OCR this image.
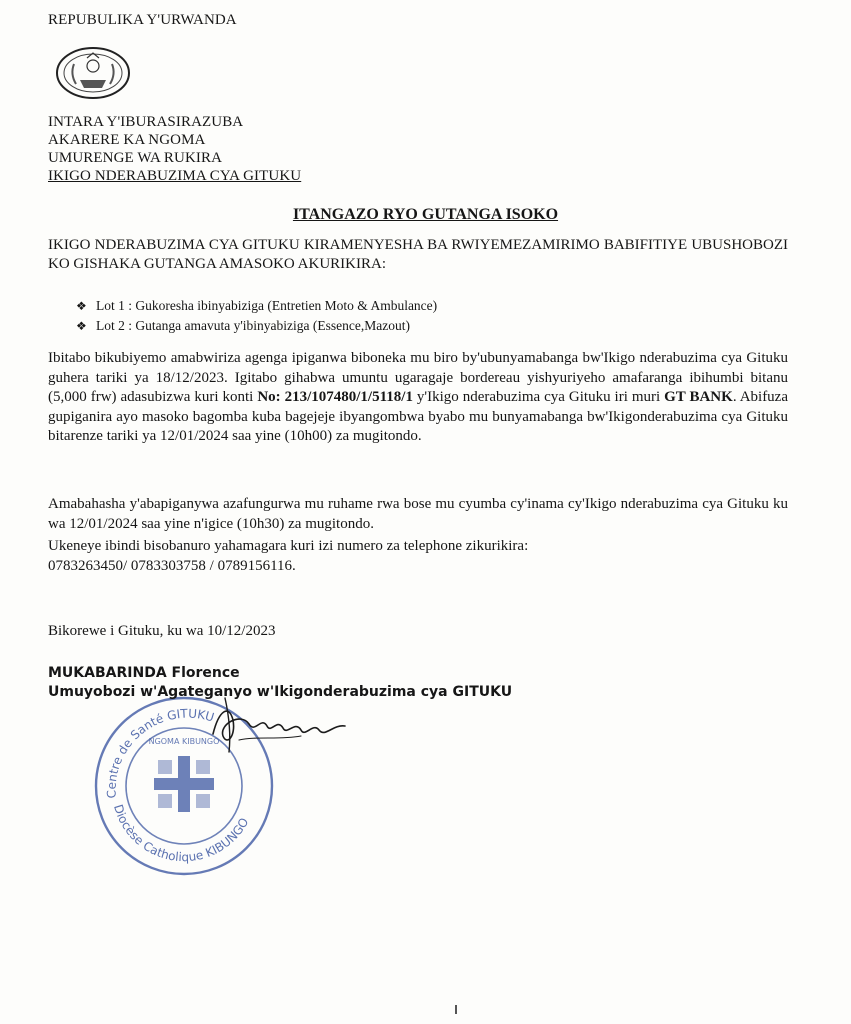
REPUBULIKA Y'URWANDA
INTARA Y'IBURASIRAZUBA
AKARERE KA NGOMA
UMURENGE WA RUKIRA
IKIGO NDERABUZIMA CYA GITUKU
ITANGAZO RYO GUTANGA ISOKO
IKIGO NDERABUZIMA CYA GITUKU KIRAMENYESHA BA RWIYEMEZAMIRIMO BABIFITIYE UBUSHOBOZI KO GISHAKA GUTANGA AMASOKO AKURIKIRA:
❖ Lot 1 : Gukoresha ibinyabiziga (Entretien Moto & Ambulance)
❖ Lot 2 : Gutanga amavuta y'ibinyabiziga (Essence,Mazout)
Ibitabo bikubiyemo amabwiriza agenga ipiganwa biboneka mu biro by'ubunyamabanga bw'Ikigo nderabuzima cya Gituku guhera tariki ya 18/12/2023. Igitabo gihabwa umuntu ugaragaje bordereau yishyuriyeho amafaranga ibihumbi bitanu (5,000 frw) adasubizwa kuri konti No: 213/107480/1/5118/1 y'Ikigo nderabuzima cya Gituku iri muri GT BANK. Abifuza gupiganira ayo masoko bagomba kuba bagejeje ibyangombwa byabo mu bunyamabanga bw'Ikigonderabuzima cya Gituku bitarenze tariki ya 12/01/2024 saa yine (10h00) za mugitondo.
Amabahasha y'abapiganywa azafungurwa mu ruhame rwa bose mu cyumba cy'inama cy'Ikigo nderabuzima cya Gituku ku wa 12/01/2024 saa yine n'igice (10h30) za mugitondo.
Ukeneye ibindi bisobanuro yahamagara kuri izi numero za telephone zikurikira:
0783263450/ 0783303758 / 0789156116.
Bikorewe i Gituku, ku wa 10/12/2023
Centre de Santé GITUKU
Diocèse Catholique KIBUNGO
NGOMA KIBUNGO
MUKABARINDA Florence
Umuyobozi w'Agateganyo w'Ikigonderabuzima cya GITUKU
